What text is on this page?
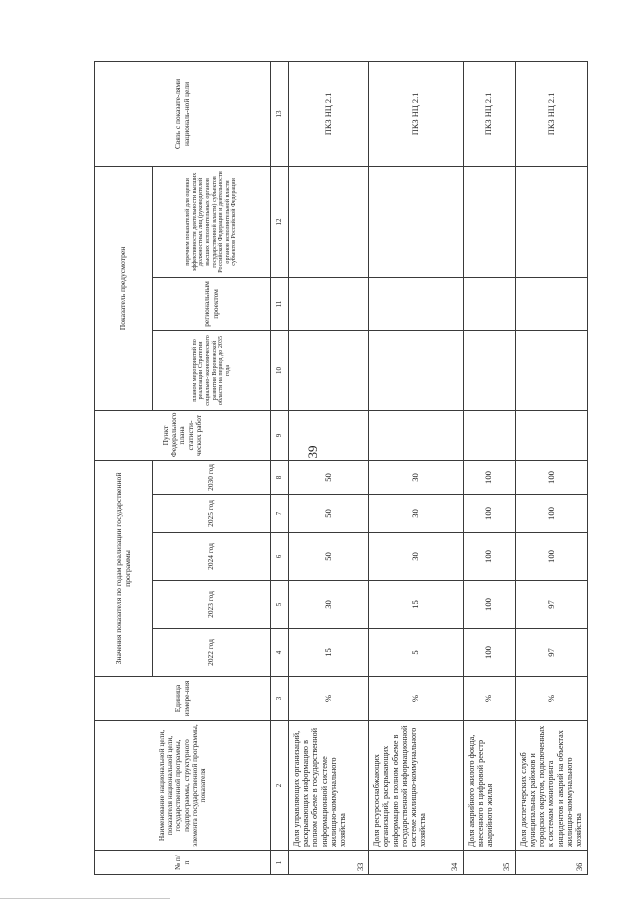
39
№ п/п	Наименование национальной цели, показателя национальной цели, государственной программы, подпрограммы, структурного элемента государственной программы, показателя	Единица измере-ния	Значения показателя по годам реализации государственной программы					Пункт Федерального плана статисти-ческих работ	Показатель предусмотрен			Связь с показате-лями националь-ной цели
			2022 год	2023 год	2024 год	2025 год	2030 год		планом мероприятий по реализации Стратегии социально-экономического развития Воронежской области на период до 2035 года	региональным проектом	перечнем показателей для оценки эффективности деятельности высших должностных лиц (руководителей высших исполнительных органов государственной власти) субъектов Российской Федерации и деятельности органов исполнительной власти субъектов Российской Федерации	
1	2	3	4	5	6	7	8	9	10	11	12	13
33	Доля управляющих организаций, раскрывающих информацию в полном объеме в государственной информационной системе жилищно-коммунального хозяйства	%	15	30	50	50	50					ПКЗ НЦ 2.1
34	Доля ресурсоснабжающих организаций, раскрывающих информацию в полном объеме в государственной информационной системе жилищно-коммунального хозяйства	%	5	15	30	30	30					ПКЗ НЦ 2.1
35	Доля аварийного жилого фонда, внесенного в цифровой реестр аварийного жилья	%	100	100	100	100	100					ПКЗ НЦ 2.1
36	Доля диспетчерских служб муниципальных районов и городских округов, подключенных к системам мониторинга инцидентов и аварий на объектах жилищно-коммунального хозяйства	%	97	97	100	100	100					ПКЗ НЦ 2.1
